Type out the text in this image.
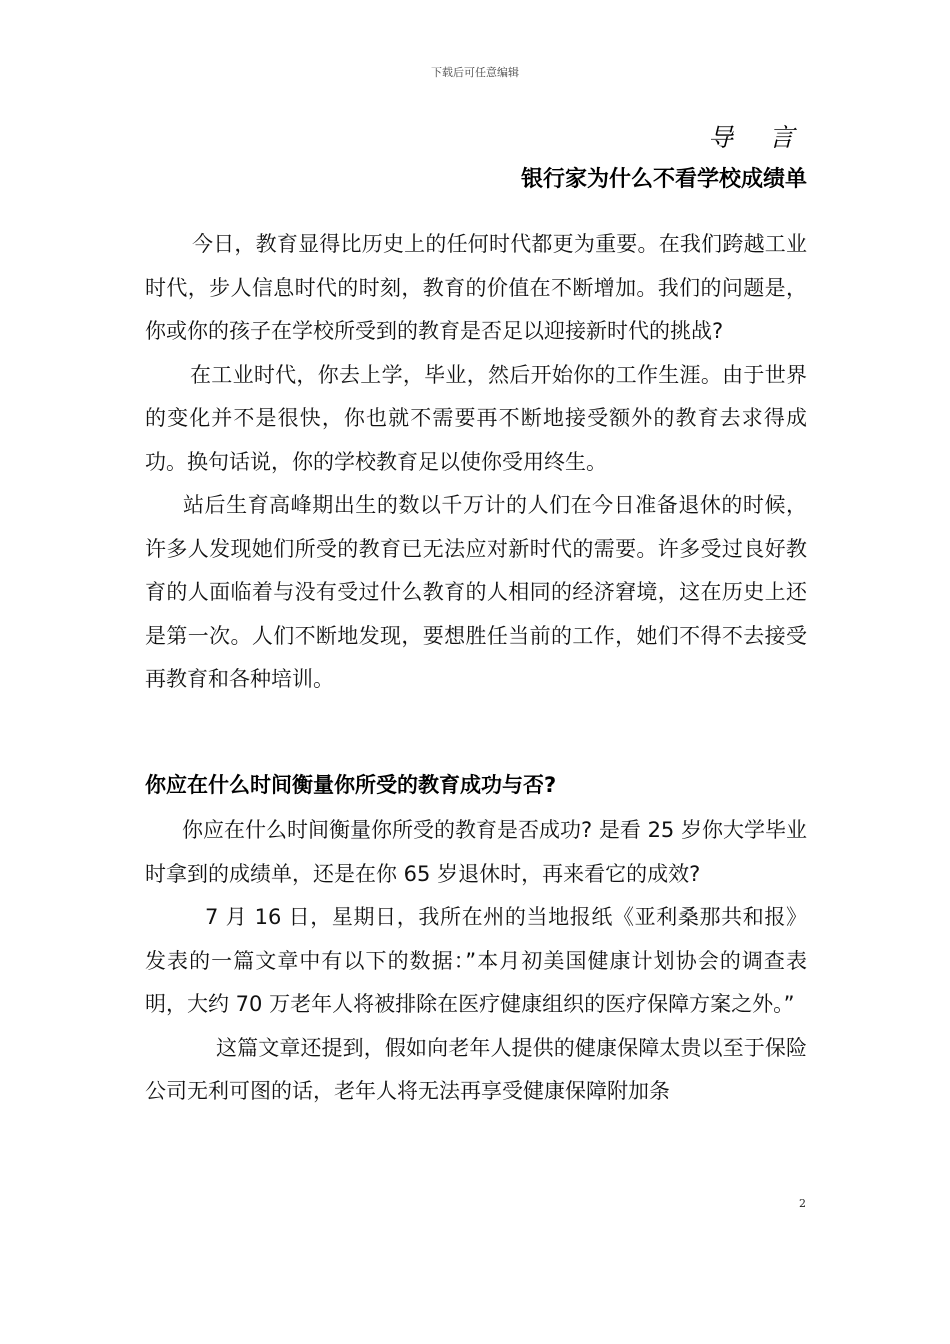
下载后可任意编辑
导 言
银行家为什么不看学校成绩单

今日，教育显得比历史上的任何时代都更为重要。在我们跨越工业时代，步人信息时代的时刻，教育的价值在不断增加。我们的问题是，你或你的孩子在学校所受到的教育是否足以迎接新时代的挑战?

在工业时代，你去上学，毕业，然后开始你的工作生涯。由于世界的变化并不是很快，你也就不需要再不断地接受额外的教育去求得成功。换句话说，你的学校教育足以使你受用终生。

站后生育高峰期出生的数以千万计的人们在今日准备退休的时候，许多人发现她们所受的教育已无法应对新时代的需要。许多受过良好教育的人面临着与没有受过什么教育的人相同的经济窘境，这在历史上还是第一次。人们不断地发现，要想胜任当前的工作，她们不得不去接受再教育和各种培训。

你应在什么时间衡量你所受的教育成功与否?

你应在什么时间衡量你所受的教育是否成功? 是看 25 岁你大学毕业时拿到的成绩单，还是在你 65 岁退休时，再来看它的成效?

7 月 16 日，星期日，我所在州的当地报纸《亚利桑那共和报》发表的一篇文章中有以下的数据：”本月初美国健康计划协会的调查表明，大约 70 万老年人将被排除在医疗健康组织的医疗保障方案之外。”

这篇文章还提到，假如向老年人提供的健康保障太贵以至于保险公司无利可图的话，老年人将无法再享受健康保障附加条

2
